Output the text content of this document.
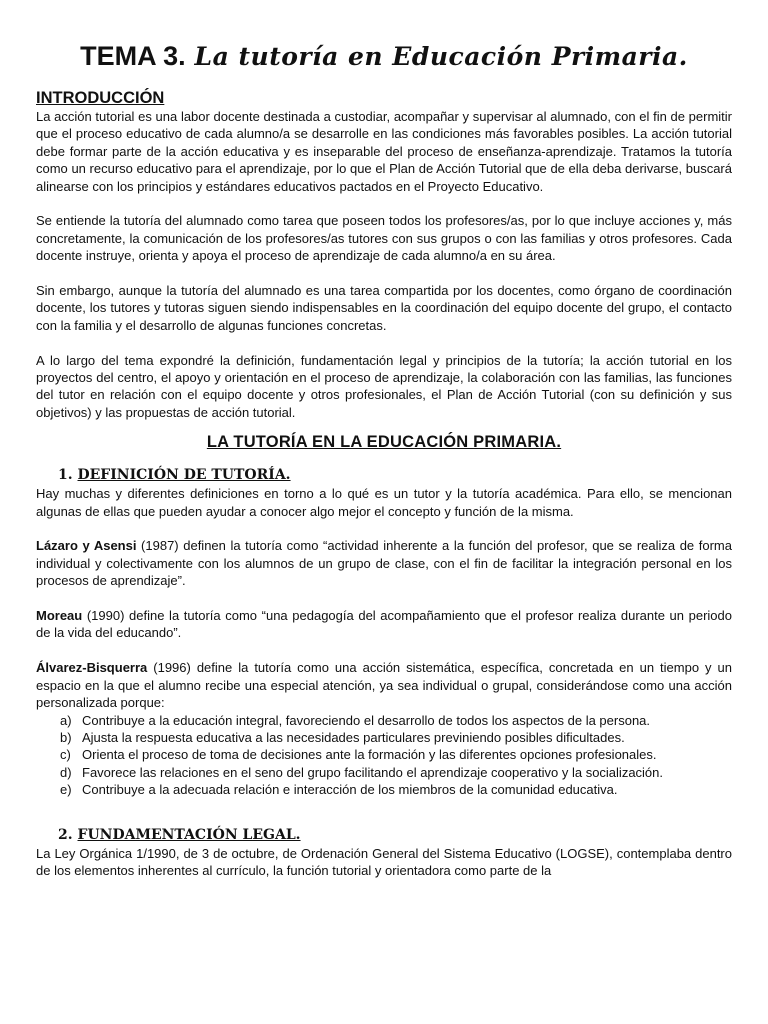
TEMA 3. La tutoría en Educación Primaria.
INTRODUCCIÓN

La acción tutorial es una labor docente destinada a custodiar, acompañar y supervisar al alumnado, con el fin de permitir que el proceso educativo de cada alumno/a se desarrolle en las condiciones más favorables posibles. La acción tutorial debe formar parte de la acción educativa y es inseparable del proceso de enseñanza-aprendizaje. Tratamos la tutoría como un recurso educativo para el aprendizaje, por lo que el Plan de Acción Tutorial que de ella deba derivarse, buscará alinearse con los principios y estándares educativos pactados en el Proyecto Educativo.

Se entiende la tutoría del alumnado como tarea que poseen todos los profesores/as, por lo que incluye acciones y, más concretamente, la comunicación de los profesores/as tutores con sus grupos o con las familias y otros profesores. Cada docente instruye, orienta y apoya el proceso de aprendizaje de cada alumno/a en su área.

Sin embargo, aunque la tutoría del alumnado es una tarea compartida por los docentes, como órgano de coordinación docente, los tutores y tutoras siguen siendo indispensables en la coordinación del equipo docente del grupo, el contacto con la familia y el desarrollo de algunas funciones concretas.

A lo largo del tema expondré la definición, fundamentación legal y principios de la tutoría; la acción tutorial en los proyectos del centro, el apoyo y orientación en el proceso de aprendizaje, la colaboración con las familias, las funciones del tutor en relación con el equipo docente y otros profesionales, el Plan de Acción Tutorial (con su definición y sus objetivos) y las propuestas de acción tutorial.

LA TUTORÍA EN LA EDUCACIÓN PRIMARIA.
1. DEFINICIÓN DE TUTORÍA.

Hay muchas y diferentes definiciones en torno a lo qué es un tutor y la tutoría académica. Para ello, se mencionan algunas de ellas que pueden ayudar a conocer algo mejor el concepto y función de la misma.

Lázaro y Asensi (1987) definen la tutoría como “actividad inherente a la función del profesor, que se realiza de forma individual y colectivamente con los alumnos de un grupo de clase, con el fin de facilitar la integración personal en los procesos de aprendizaje”.

Moreau (1990) define la tutoría como “una pedagogía del acompañamiento que el profesor realiza durante un periodo de la vida del educando”.

Álvarez-Bisquerra (1996) define la tutoría como una acción sistemática, específica, concretada en un tiempo y un espacio en la que el alumno recibe una especial atención, ya sea individual o grupal, considerándose como una acción personalizada porque:

a) Contribuye a la educación integral, favoreciendo el desarrollo de todos los aspectos de la persona.
b) Ajusta la respuesta educativa a las necesidades particulares previniendo posibles dificultades.
c) Orienta el proceso de toma de decisiones ante la formación y las diferentes opciones profesionales.
d) Favorece las relaciones en el seno del grupo facilitando el aprendizaje cooperativo y la socialización.
e) Contribuye a la adecuada relación e interacción de los miembros de la comunidad educativa.
2. FUNDAMENTACIÓN LEGAL.

La Ley Orgánica 1/1990, de 3 de octubre, de Ordenación General del Sistema Educativo (LOGSE), contemplaba dentro de los elementos inherentes al currículo, la función tutorial y orientadora como parte de la
